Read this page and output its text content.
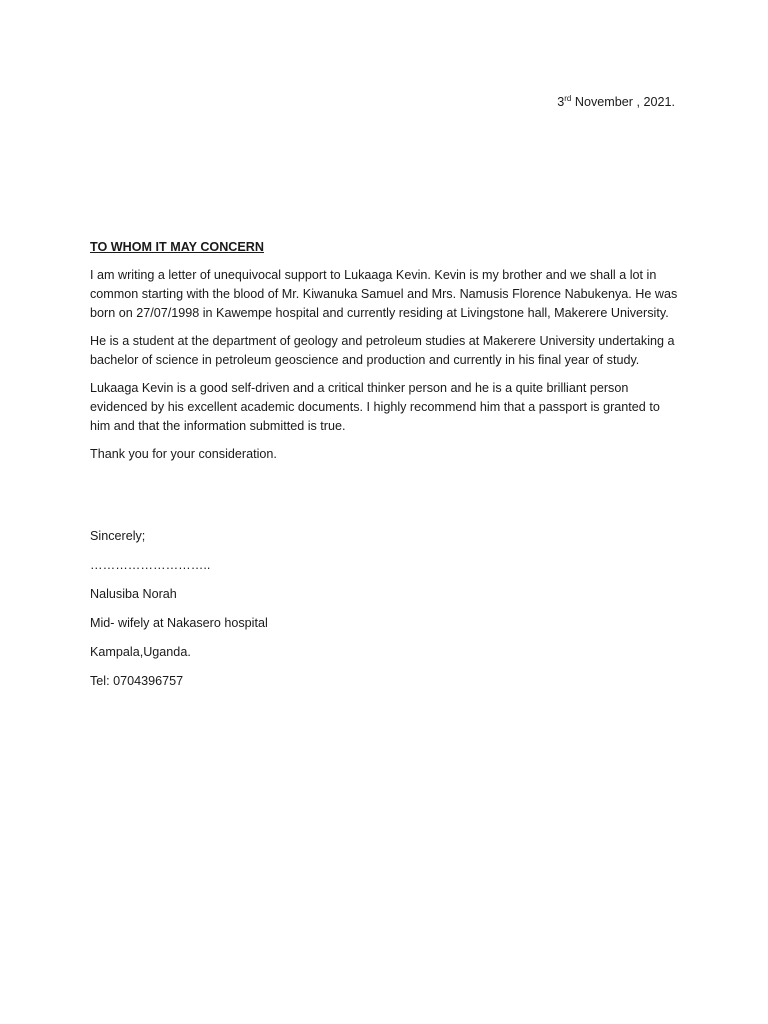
3rd November , 2021.
TO WHOM IT MAY CONCERN

I am writing a letter of unequivocal support to Lukaaga Kevin. Kevin is my brother and we shall a lot in common starting with the blood of Mr. Kiwanuka Samuel and Mrs. Namusis Florence Nabukenya. He was born on 27/07/1998 in Kawempe hospital and currently residing at Livingstone hall, Makerere University.

He is a student at the department of geology and petroleum studies at Makerere University undertaking a bachelor of science in petroleum geoscience and production and currently in his final year of study.

Lukaaga Kevin is a good self-driven and a critical thinker person and he is a quite brilliant person evidenced by his excellent academic documents. I highly recommend him that a passport is granted to him and that the information submitted is true.

Thank you for your consideration.

Sincerely;
………………………..
Nalusiba Norah
Mid- wifely at Nakasero hospital
Kampala,Uganda.
Tel: 0704396757
